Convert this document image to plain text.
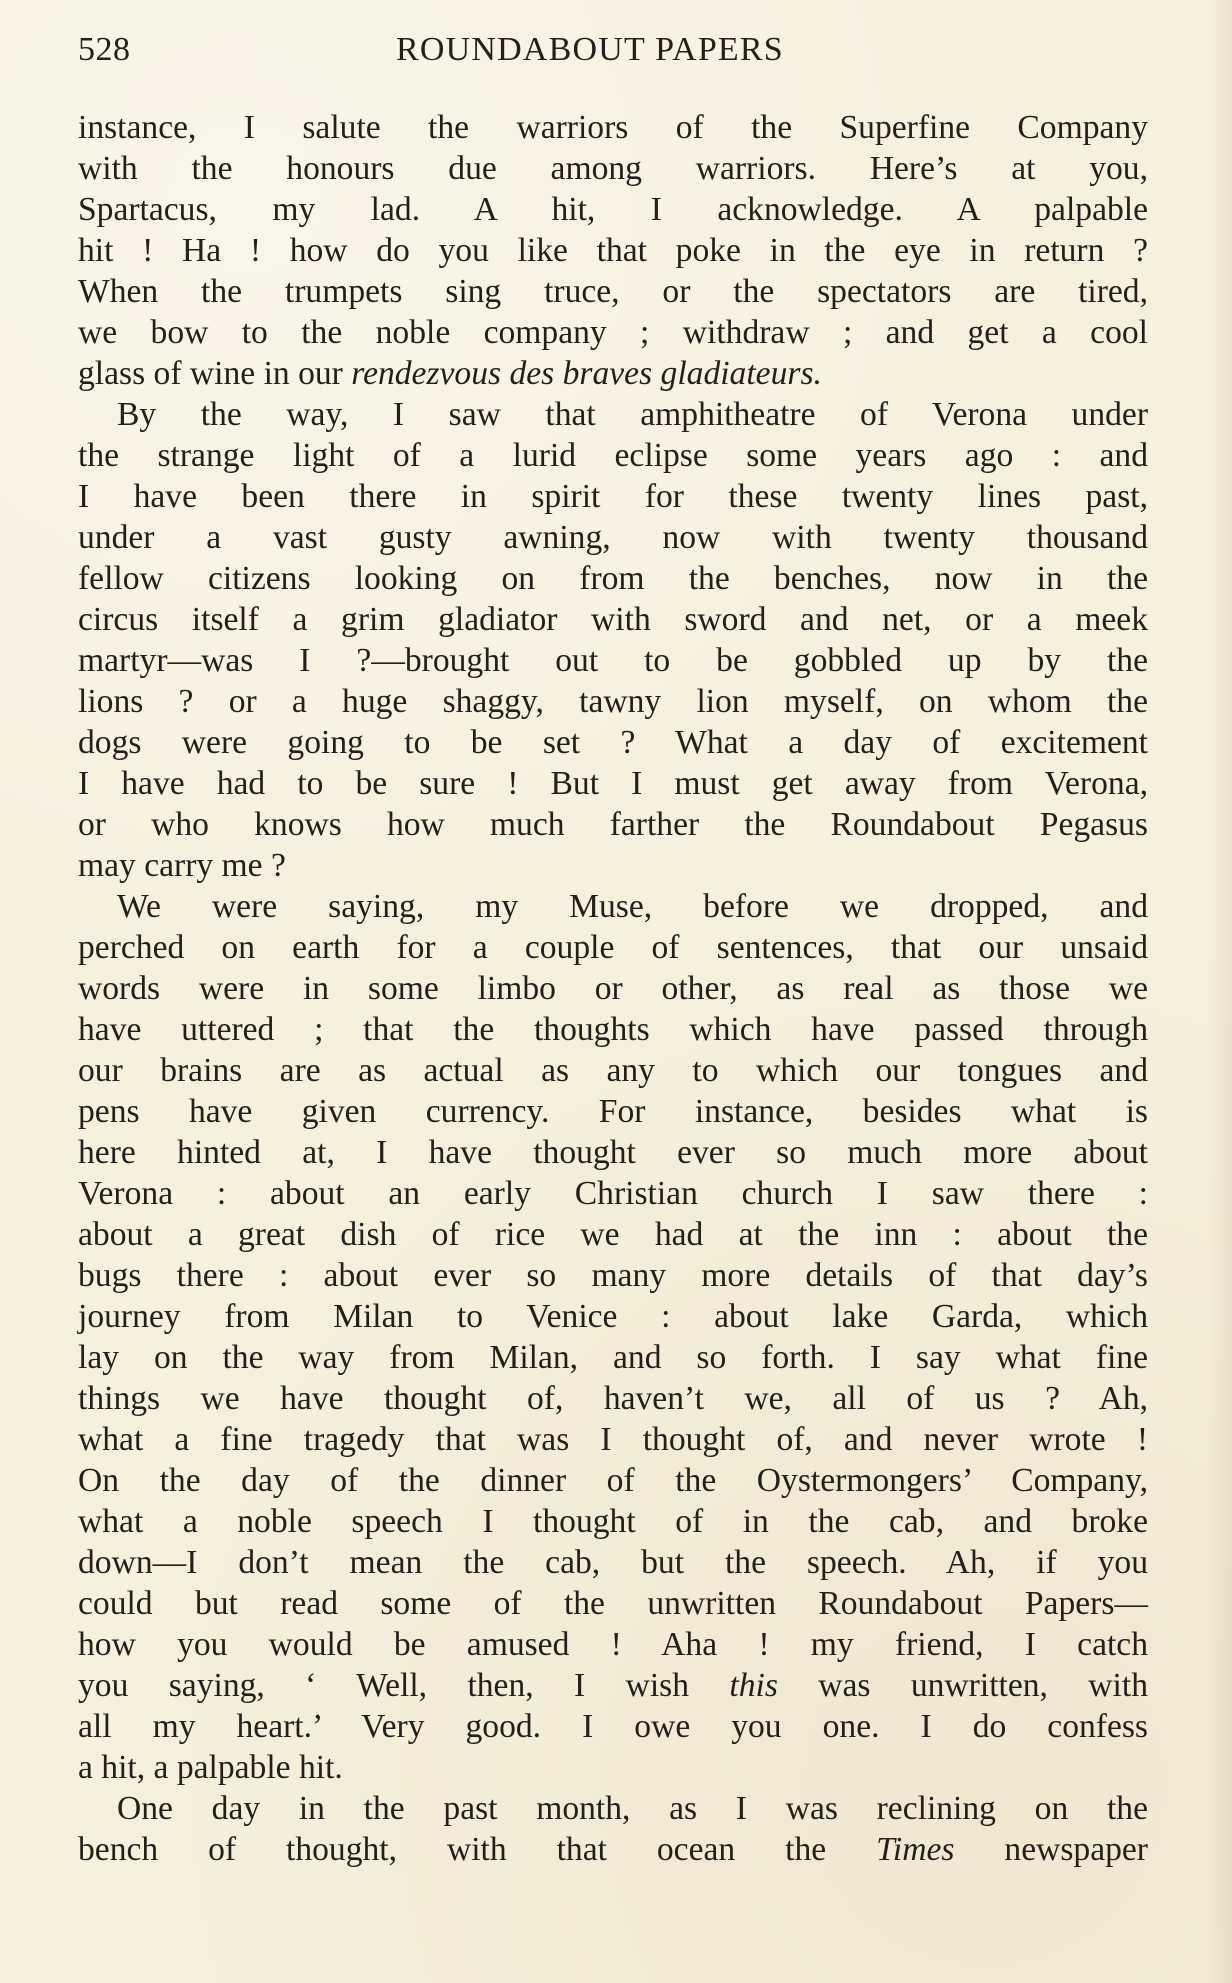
528	ROUNDABOUT PAPERS
instance, I salute the warriors of the Superfine Company
with the honours due among warriors. Here’s at you,
Spartacus, my lad. A hit, I acknowledge. A palpable
hit ! Ha ! how do you like that poke in the eye in return ?
When the trumpets sing truce, or the spectators are tired,
we bow to the noble company ; withdraw ; and get a cool
glass of wine in our rendezvous des braves gladiateurs.
By the way, I saw that amphitheatre of Verona under
the strange light of a lurid eclipse some years ago : and
I have been there in spirit for these twenty lines past,
under a vast gusty awning, now with twenty thousand
fellow citizens looking on from the benches, now in the
circus itself a grim gladiator with sword and net, or a meek
martyr—was I ?—brought out to be gobbled up by the
lions ? or a huge shaggy, tawny lion myself, on whom the
dogs were going to be set ? What a day of excitement
I have had to be sure ! But I must get away from Verona,
or who knows how much farther the Roundabout Pegasus
may carry me ?
We were saying, my Muse, before we dropped, and
perched on earth for a couple of sentences, that our unsaid
words were in some limbo or other, as real as those we
have uttered ; that the thoughts which have passed through
our brains are as actual as any to which our tongues and
pens have given currency. For instance, besides what is
here hinted at, I have thought ever so much more about
Verona : about an early Christian church I saw there :
about a great dish of rice we had at the inn : about the
bugs there : about ever so many more details of that day’s
journey from Milan to Venice : about lake Garda, which
lay on the way from Milan, and so forth. I say what fine
things we have thought of, haven’t we, all of us ? Ah,
what a fine tragedy that was I thought of, and never wrote !
On the day of the dinner of the Oystermongers’ Company,
what a noble speech I thought of in the cab, and broke
down—I don’t mean the cab, but the speech. Ah, if you
could but read some of the unwritten Roundabout Papers—
how you would be amused ! Aha ! my friend, I catch
you saying, ‘ Well, then, I wish this was unwritten, with
all my heart.’ Very good. I owe you one. I do confess
a hit, a palpable hit.
One day in the past month, as I was reclining on the
bench of thought, with that ocean the Times newspaper
